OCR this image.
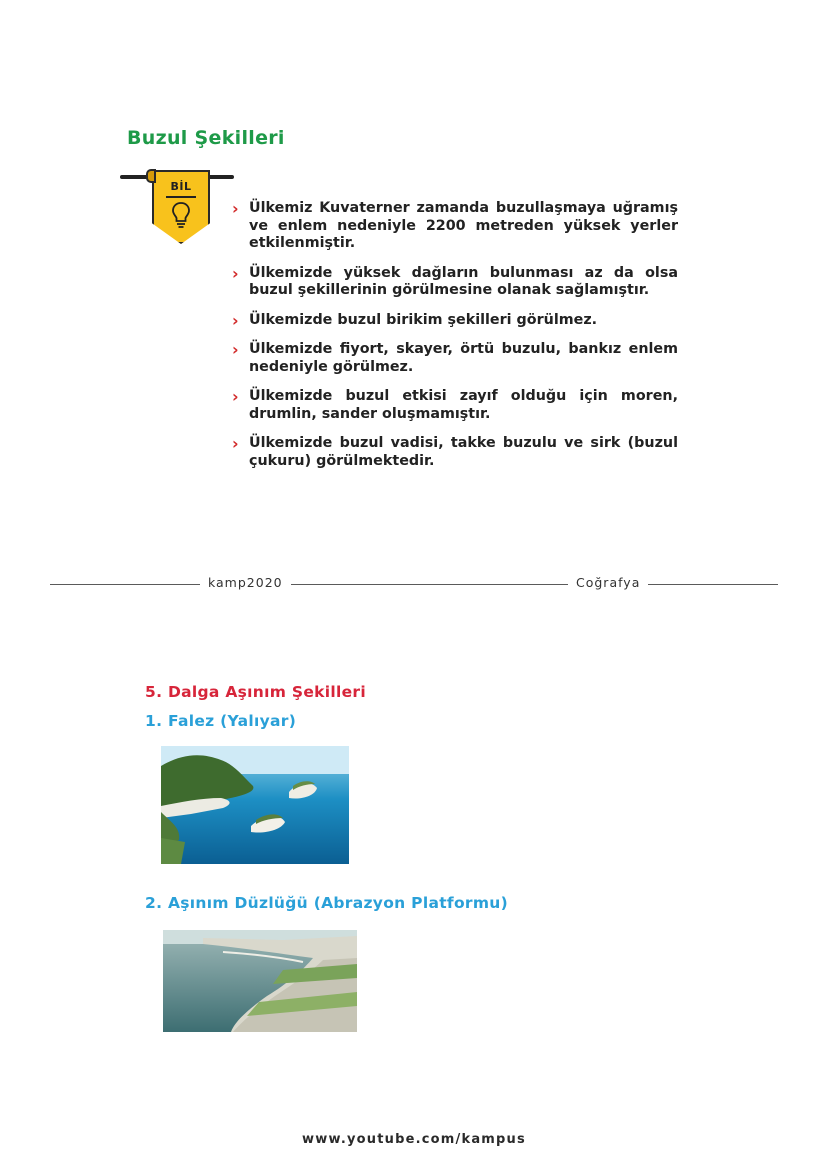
Buzul Şekilleri
BİL
› Ülkemiz Kuvaterner zamanda buzullaşmaya uğramış ve enlem nedeniyle 2200 metreden yüksek yerler etkilenmiştir.
› Ülkemizde yüksek dağların bulunması az da olsa buzul şekillerinin görülmesine olanak sağlamıştır.
› Ülkemizde buzul birikim şekilleri görülmez.
› Ülkemizde fiyort, skayer, örtü buzulu, bankız enlem nedeniyle görülmez.
› Ülkemizde buzul etkisi zayıf olduğu için moren, drumlin, sander oluşmamıştır.
› Ülkemizde buzul vadisi, takke buzulu ve sirk (buzul çukuru) görülmektedir.
kamp2020	Coğrafya
5. Dalga Aşınım Şekilleri
1. Falez (Yalıyar)
2. Aşınım Düzlüğü (Abrazyon Platformu)
www.youtube.com/kampus
